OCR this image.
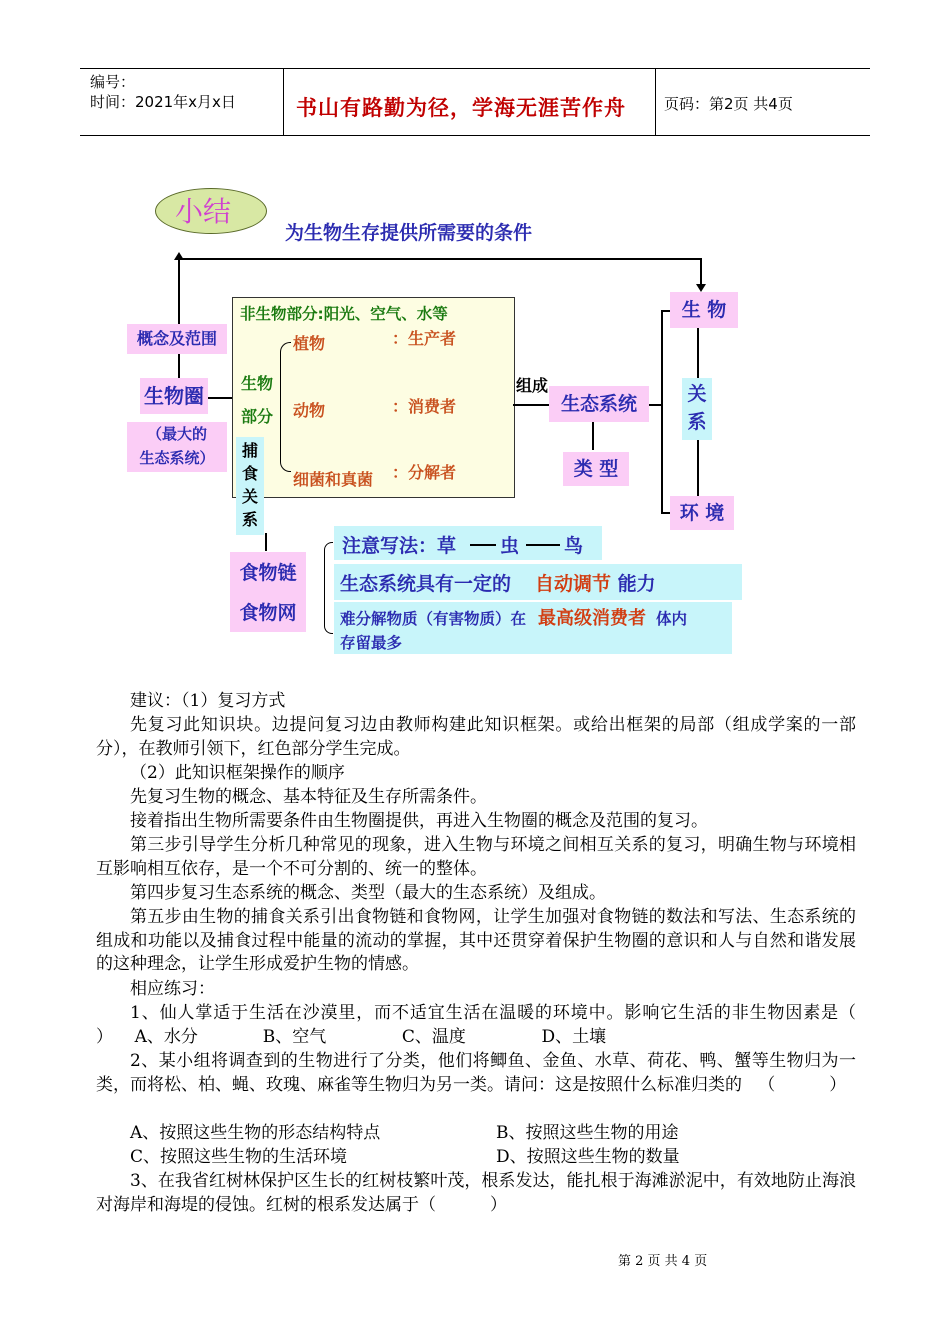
编号：
时间：2021年x月x日	书山有路勤为径，学海无涯苦作舟	页码：第2页 共4页
小结
为生物生存提供所需要的条件
概念及范围
生物圈
（最大的
生态系统）
非生物部分:阳光、空气、水等
生物
部分
植物
动物
细菌和真菌
：生产者
：消费者
：分解者
捕
食
关
系
组成
生态系统
类 型
生 物
关
系
环 境
食物链
食物网
注意写法：草 虫 鸟
生态系统具有一定的 自动调节 能力
难分解物质（有害物质）在 最高级消费者 体内
存留最多
建议：（1）复习方式
先复习此知识块。边提问复习边由教师构建此知识框架。或给出框架的局部（组成学案的一部分），在教师引领下，红色部分学生完成。
（2）此知识框架操作的顺序
先复习生物的概念、基本特征及生存所需条件。
接着指出生物所需要条件由生物圈提供，再进入生物圈的概念及范围的复习。
第三步引导学生分析几种常见的现象，进入生物与环境之间相互关系的复习，明确生物与环境相互影响相互依存，是一个不可分割的、统一的整体。
第四步复习生态系统的概念、类型（最大的生态系统）及组成。
第五步由生物的捕食关系引出食物链和食物网，让学生加强对食物链的数法和写法、生态系统的组成和功能以及捕食过程中能量的流动的掌握，其中还贯穿着保护生物圈的意识和人与自然和谐发展的这种理念，让学生形成爱护生物的情感。
相应练习：
1、仙人掌适于生活在沙漠里，而不适宜生活在温暖的环境中。影响它生活的非生物因素是（          ）    A、水分            B、空气              C、温度              D、土壤
2、某小组将调查到的生物进行了分类，他们将鲫鱼、金鱼、水草、荷花、鸭、蟹等生物归为一类，而将松、柏、蝇、玫瑰、麻雀等生物归为另一类。请问：这是按照什么标准归类的   （          ）
A、按照这些生物的形态结构特点	B、按照这些生物的用途
C、按照这些生物的生活环境	D、按照这些生物的数量
3、在我省红树林保护区生长的红树枝繁叶茂，根系发达，能扎根于海滩淤泥中，有效地防止海浪对海岸和海堤的侵蚀。红树的根系发达属于（          ）
第 2 页 共 4 页
